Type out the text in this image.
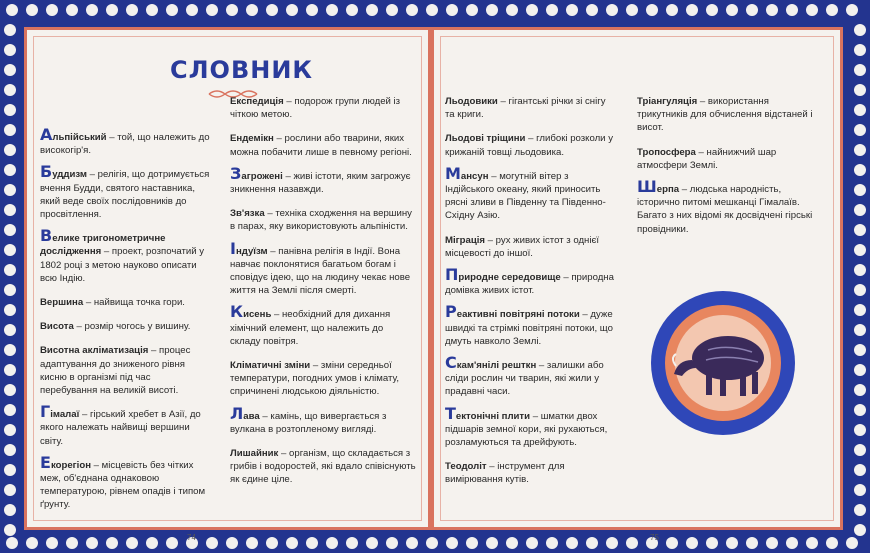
СЛОВНИК
Альпійський – той, що належить до високогір'я.
Буддизм – релігія, що дотримується вчення Будди, святого наставника, який веде своїх послідовників до просвітлення.
Велике тригонометричне дослідження – проект, розпочатий у 1802 році з метою науково описати всю Індію.
Вершина – найвища точка гори.
Висота – розмір чогось у вишину.
Висотна акліматизація – процес адаптування до зниженого рівня кисню в організмі під час перебування на великій висоті.
Гімалаї – гірський хребет в Азії, до якого належать найвищі вершини світу.
Екорегіон – місцевість без чітких меж, об'єднана однаковою температурою, рівнем опадів і типом ґрунту.
Експедиція – подорож групи людей із чіткою метою.
Ендемікн – рослини або тварини, яких можна побачити лише в певному регіоні.
Загрожені – живі істоти, яким загрожує зникнення назавжди.
Зв'язка – техніка сходження на вершину в парах, яку використовують альпіністи.
Індуїзм – панівна релігія в Індії. Вона навчає поклонятися багатьом богам і сповідує ідею, що на людину чекає нове життя на Землі після смерті.
Кисень – необхідний для дихання хімічний елемент, що належить до складу повітря.
Кліматичні зміни – зміни середньої температури, погодних умов і клімату, спричинені людською діяльністю.
Лава – камінь, що вивергається з вулкана в розтопленому вигляді.
Лишайник – організм, що складається з грибів і водоростей, які вдало співіснують як єдине ціле.
Льодовики – гігантські річки зі снігу та криги.
Льодові тріщини – глибокі розколи у крижаній товщі льодовика.
Мансун – могутній вітер з Індійського океану, який приносить рясні зливи в Південну та Південно-Східну Азію.
Міграція – рух живих істот з однієї місцевості до іншої.
Природне середовище – природна домівка живих істот.
Реактивні повітряні потоки – дуже швидкі та стрімкі повітряні потоки, що дмуть навколо Землі.
Скам'янілі решткн – залишки або сліди рослин чи тварин, які жили у прадавні часи.
Тектонічні плити – шматки двох підшарів земної кори, які рухаються, розламуються та дрейфують.
Теодоліт – інструмент для вимірювання кутів.
Тріангуляція – використання трикутників для обчислення відстаней і висот.
Тропосфера – найнижчий шар атмосфери Землі.
Шерпа – людська народність, історично питомі мешканці Гімалаїв. Багато з них відомі як досвідчені гірські провідники.
74	75
